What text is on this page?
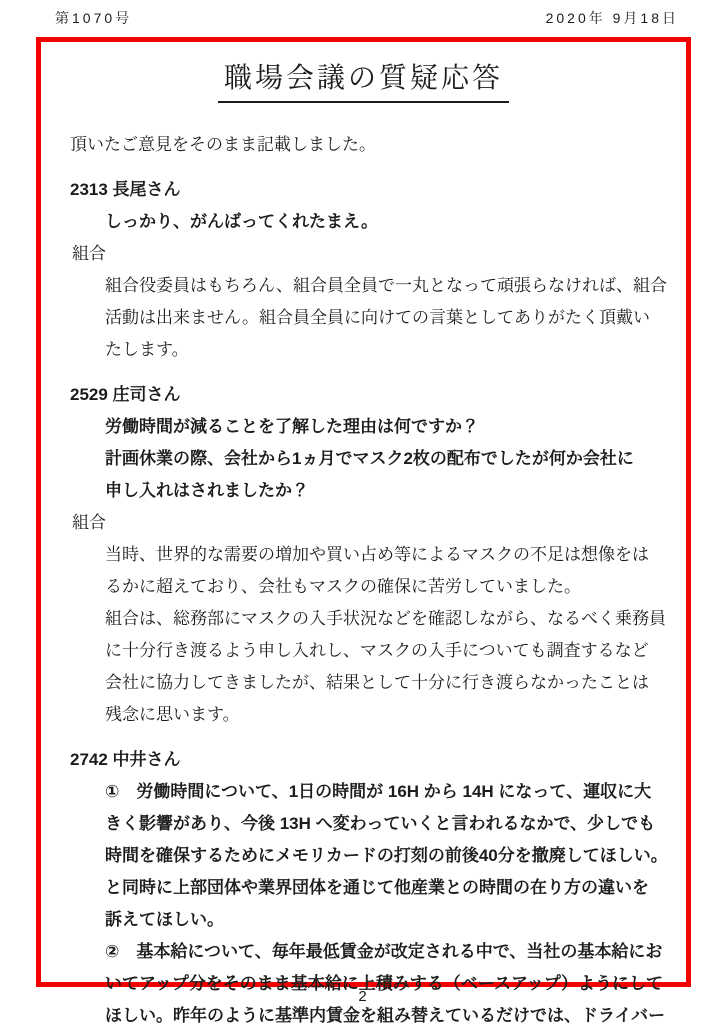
第1070号	2020年 9月18日
職場会議の質疑応答
頂いたご意見をそのまま記載しました。
2313 長尾さん
しっかり、がんばってくれたまえ。
組合
組合役委員はもちろん、組合員全員で一丸となって頑張らなければ、組合
活動は出来ません。組合員全員に向けての言葉としてありがたく頂戴い
たします。
2529 庄司さん
労働時間が減ることを了解した理由は何ですか？
計画休業の際、会社から1ヵ月でマスク2枚の配布でしたが何か会社に
申し入れはされましたか？
組合
当時、世界的な需要の増加や買い占め等によるマスクの不足は想像をは
るかに超えており、会社もマスクの確保に苦労していました。
組合は、総務部にマスクの入手状況などを確認しながら、なるべく乗務員
に十分行き渡るよう申し入れし、マスクの入手についても調査するなど
会社に協力してきましたが、結果として十分に行き渡らなかったことは
残念に思います。
2742 中井さん
①　労働時間について、1日の時間が 16H から 14H になって、運収に大
きく影響があり、今後 13H へ変わっていくと言われるなかで、少しでも
時間を確保するためにメモリカードの打刻の前後40分を撤廃してほしい。
と同時に上部団体や業界団体を通じて他産業との時間の在り方の違いを
訴えてほしい。
②　基本給について、毎年最低賃金が改定される中で、当社の基本給にお
いてアップ分をそのまま基本給に上積みする（ベースアップ）ようにして
ほしい。昨年のように基準内賃金を組み替えているだけでは、ドライバー
2
